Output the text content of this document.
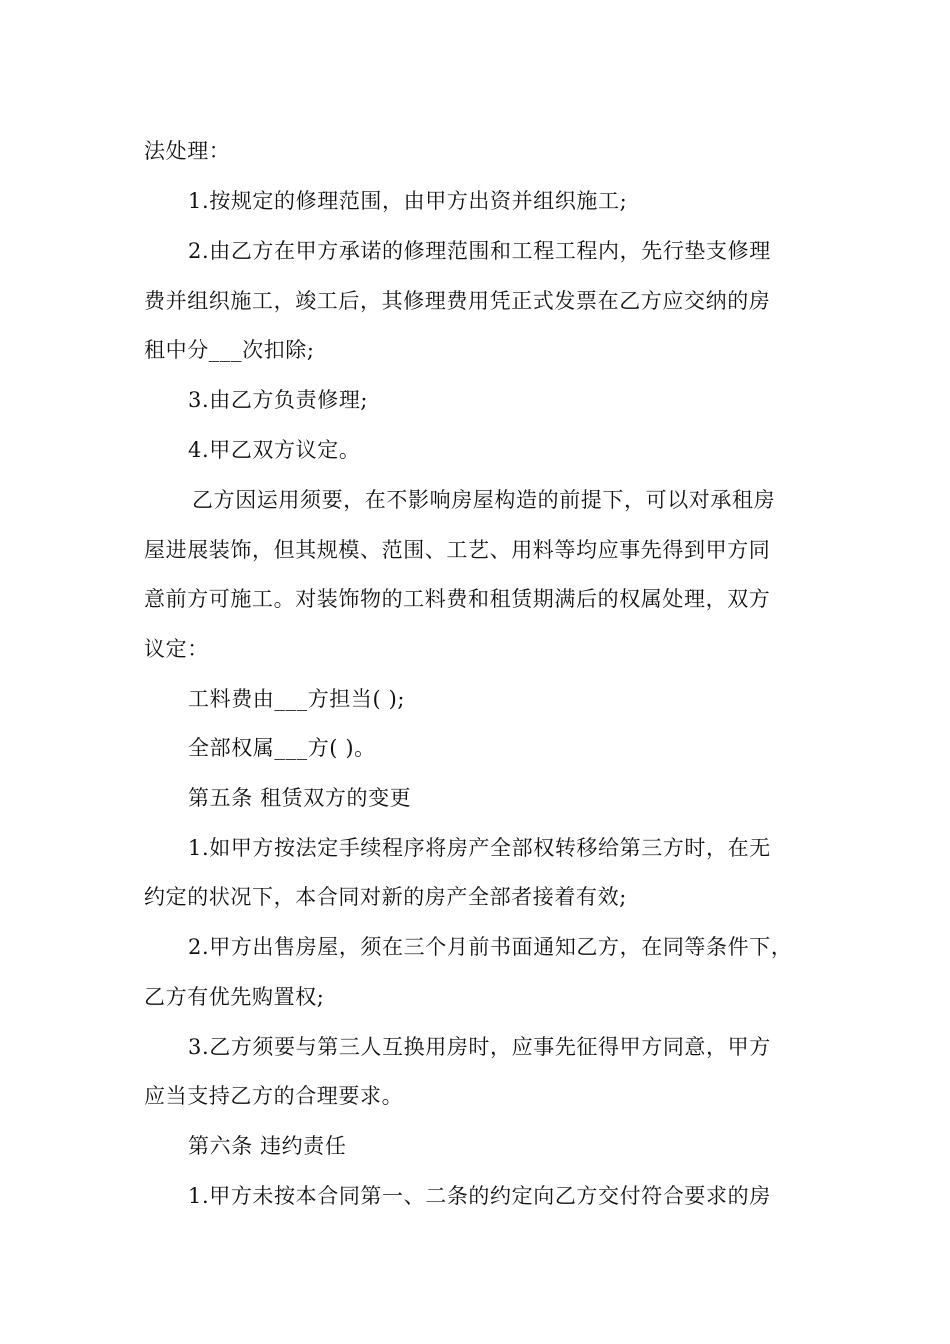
法处理：
1.按规定的修理范围，由甲方出资并组织施工;
2.由乙方在甲方承诺的修理范围和工程工程内，先行垫支修理
费并组织施工，竣工后，其修理费用凭正式发票在乙方应交纳的房
租中分___次扣除;
3.由乙方负责修理;
4.甲乙双方议定。
乙方因运用须要，在不影响房屋构造的前提下，可以对承租房
屋进展装饰，但其规模、范围、工艺、用料等均应事先得到甲方同
意前方可施工。对装饰物的工料费和租赁期满后的权属处理，双方
议定：
工料费由___方担当( );
全部权属___方( )。
第五条 租赁双方的变更
1.如甲方按法定手续程序将房产全部权转移给第三方时，在无
约定的状况下，本合同对新的房产全部者接着有效;
2.甲方出售房屋，须在三个月前书面通知乙方，在同等条件下，
乙方有优先购置权;
3.乙方须要与第三人互换用房时，应事先征得甲方同意，甲方
应当支持乙方的合理要求。
第六条 违约责任
1.甲方未按本合同第一、二条的约定向乙方交付符合要求的房
